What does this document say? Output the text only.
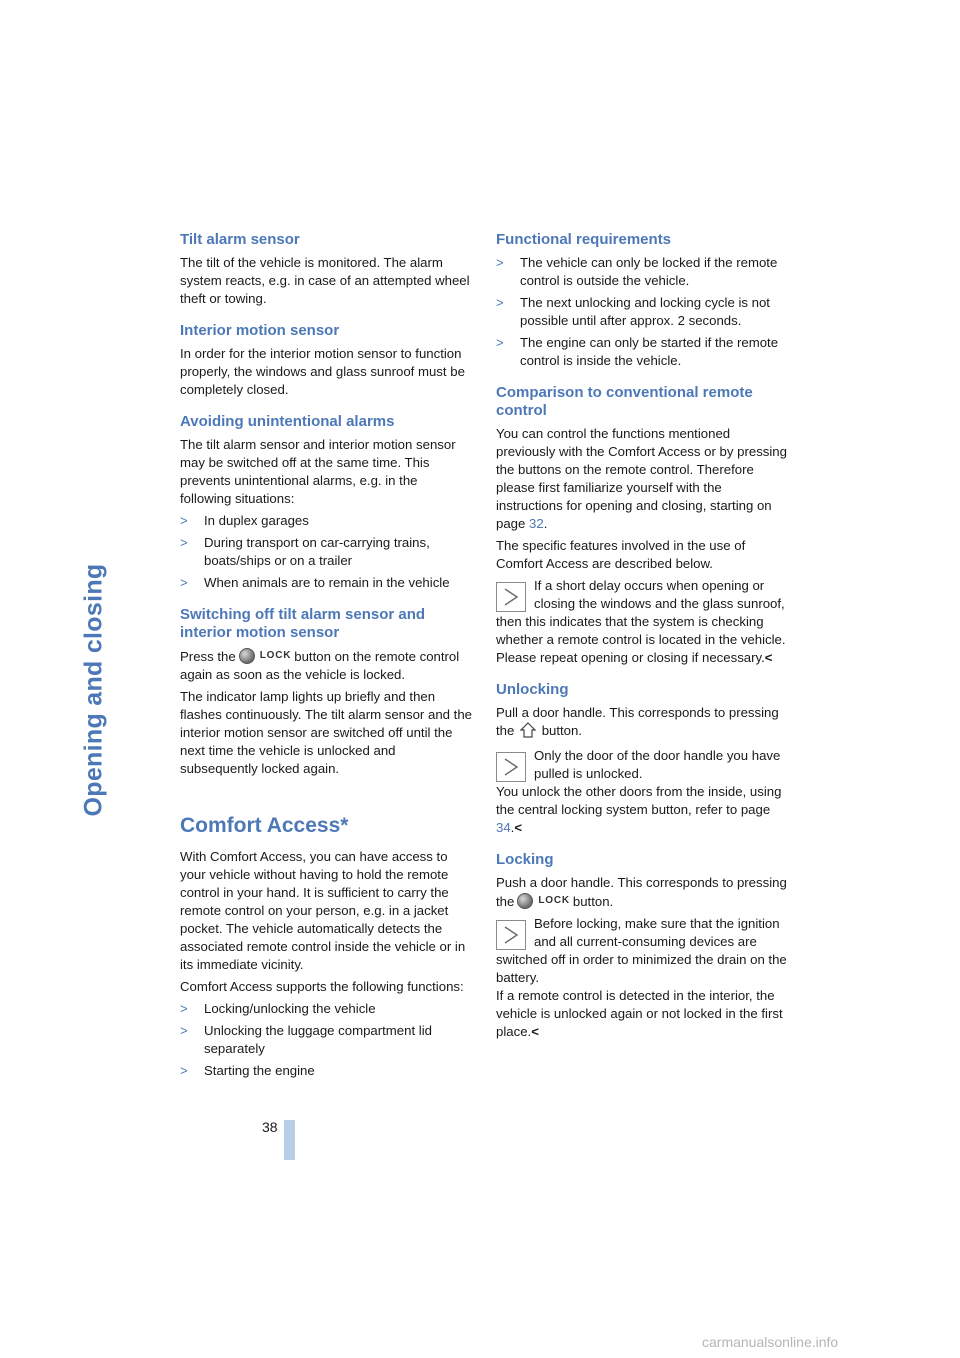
Opening and closing
Tilt alarm sensor

The tilt of the vehicle is monitored. The alarm system reacts, e.g. in case of an attempted wheel theft or towing.

Interior motion sensor

In order for the interior motion sensor to function properly, the windows and glass sunroof must be completely closed.

Avoiding unintentional alarms

The tilt alarm sensor and interior motion sensor may be switched off at the same time. This prevents unintentional alarms, e.g. in the following situations:

> In duplex garages
> During transport on car-carrying trains, boats/ships or on a trailer
> When animals are to remain in the vehicle
Switching off tilt alarm sensor and interior motion sensor

Press the	LOCK button on the remote control again as soon as the vehicle is locked.

The indicator lamp lights up briefly and then flashes continuously. The tilt alarm sensor and the interior motion sensor are switched off until the next time the vehicle is unlocked and subsequently locked again.

Comfort Access*

With Comfort Access, you can have access to your vehicle without having to hold the remote control in your hand. It is sufficient to carry the remote control on your person, e.g. in a jacket pocket. The vehicle automatically detects the associated remote control inside the vehicle or in its immediate vicinity.

Comfort Access supports the following functions:

> Locking/unlocking the vehicle
> Unlocking the luggage compartment lid separately
> Starting the engine
Functional requirements
> The vehicle can only be locked if the remote control is outside the vehicle.
> The next unlocking and locking cycle is not possible until after approx. 2 seconds.
> The engine can only be started if the remote control is inside the vehicle.
Comparison to conventional remote control

You can control the functions mentioned previously with the Comfort Access or by pressing the buttons on the remote control. Therefore please first familiarize yourself with the instructions for opening and closing, starting on page 32.

The specific features involved in the use of Comfort Access are described below.

If a short delay occurs when opening or closing the windows and the glass sunroof, then this indicates that the system is checking whether a remote control is located in the vehicle. Please repeat opening or closing if necessary.<
Unlocking

Pull a door handle. This corresponds to pressing the button.

Only the door of the door handle you have pulled is unlocked.
You unlock the other doors from the inside, using the central locking system button, refer to page 34.<
Locking

Push a door handle. This corresponds to pressing the	LOCK button.

Before locking, make sure that the ignition and all current-consuming devices are switched off in order to minimized the drain on the battery.
If a remote control is detected in the interior, the vehicle is unlocked again or not locked in the first place.<
38
carmanualsonline.info
